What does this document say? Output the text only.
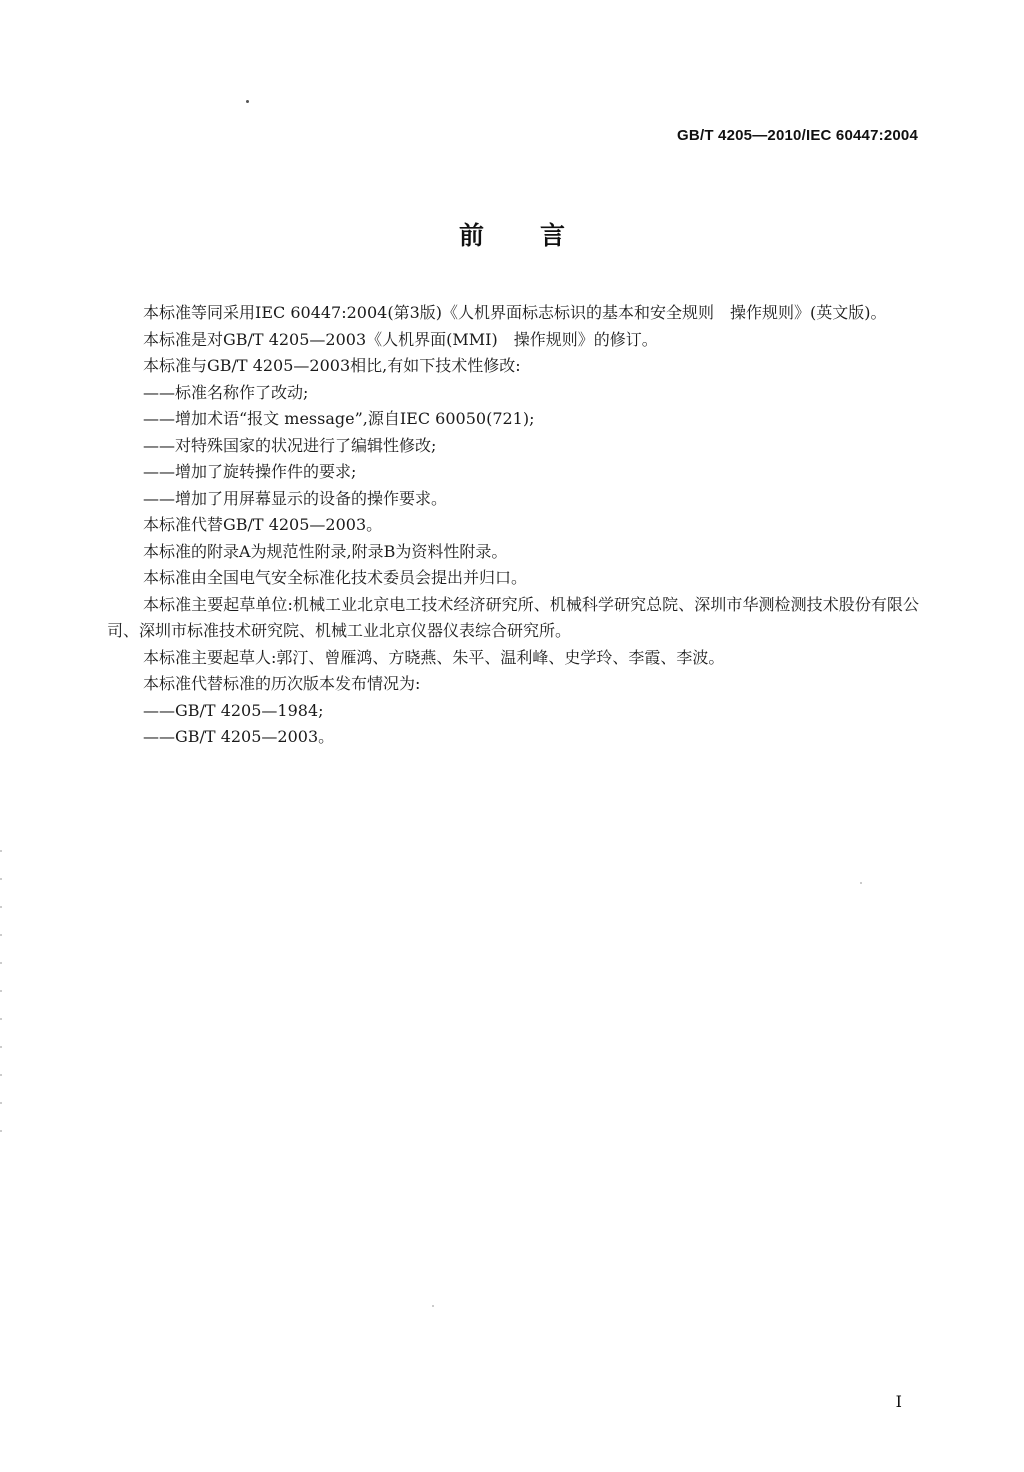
GB/T 4205—2010/IEC 60447:2004
前言

本标准等同采用IEC 60447:2004(第3版)《人机界面标志标识的基本和安全规则　操作规则》(英文版)。

本标准是对GB/T 4205—2003《人机界面(MMI)　操作规则》的修订。

本标准与GB/T 4205—2003相比,有如下技术性修改:

——标准名称作了改动;

——增加术语“报文 message”,源自IEC 60050(721);

——对特殊国家的状况进行了编辑性修改;

——增加了旋转操作件的要求;

——增加了用屏幕显示的设备的操作要求。

本标准代替GB/T 4205—2003。

本标准的附录A为规范性附录,附录B为资料性附录。

本标准由全国电气安全标准化技术委员会提出并归口。

本标准主要起草单位:机械工业北京电工技术经济研究所、机械科学研究总院、深圳市华测检测技术股份有限公司、深圳市标准技术研究院、机械工业北京仪器仪表综合研究所。

本标准主要起草人:郭汀、曾雁鸿、方晓燕、朱平、温利峰、史学玲、李霞、李波。

本标准代替标准的历次版本发布情况为:

——GB/T 4205—1984;

——GB/T 4205—2003。

I
